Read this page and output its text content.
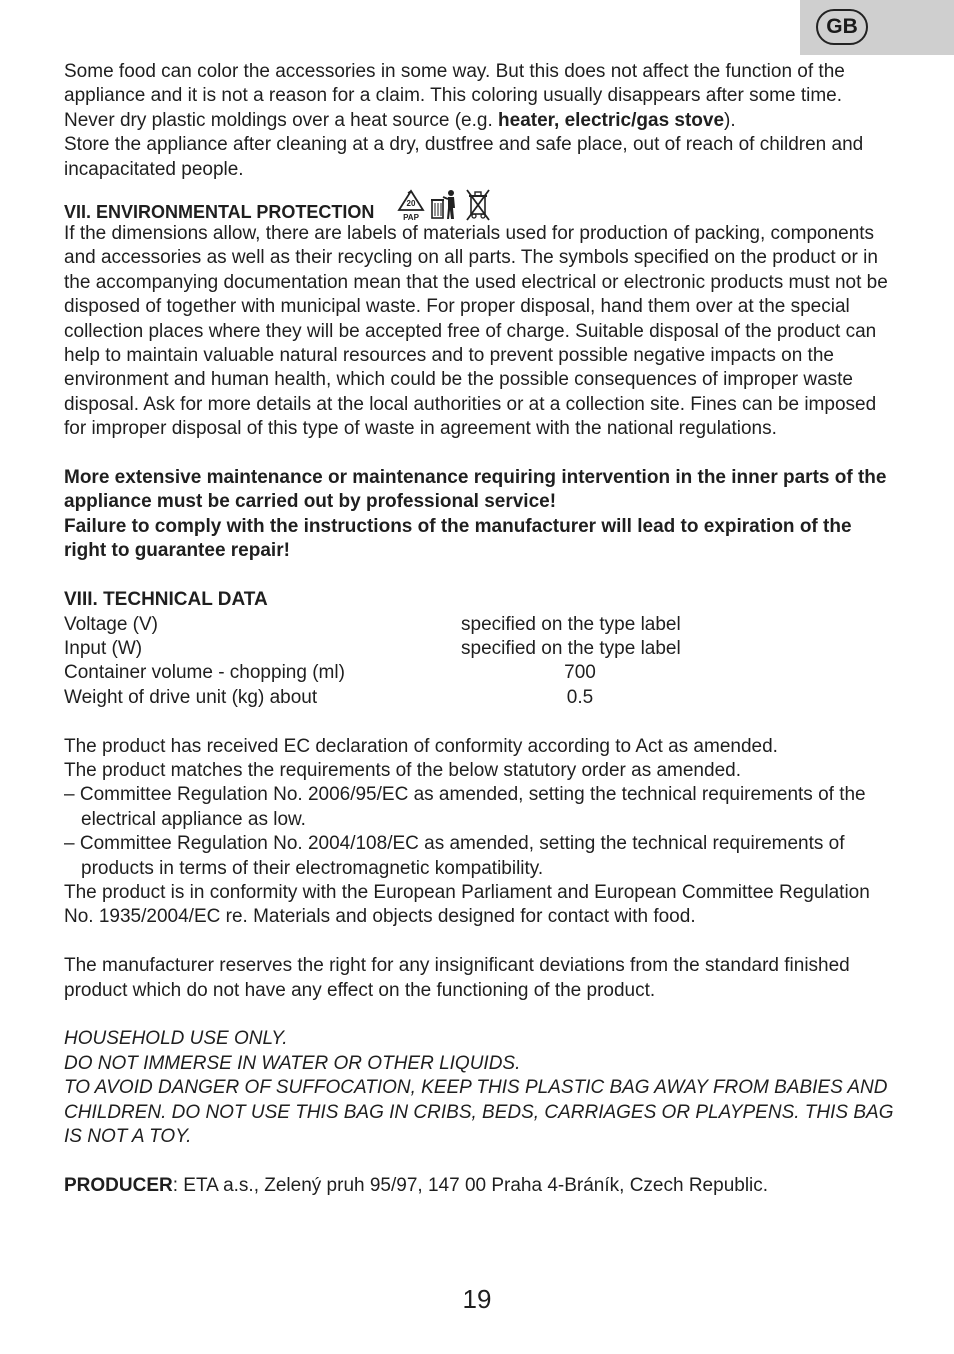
GB

Some food can color the accessories in some way. But this does not affect the function of the appliance and it is not a reason for a claim. This coloring usually disappears after some time. Never dry plastic moldings over a heat source (e.g. heater, electric/gas stove).

Store the appliance after cleaning at a dry, dustfree and safe place, out of reach of children and incapacitated people.

VII. ENVIRONMENTAL PROTECTION	20
PAP

If the dimensions allow, there are labels of materials used for production of packing, components and accessories as well as their recycling on all parts. The symbols specified on the product or in the accompanying documentation mean that the used electrical or electronic products must not be disposed of together with municipal waste. For proper disposal, hand them over at the special collection places where they will be accepted free of charge. Suitable disposal of the product can help to maintain valuable natural resources and to prevent possible negative impacts on the environment and human health, which could be the possible consequences of improper waste disposal. Ask for more details at the local authorities or at a collection site. Fines can be imposed for improper disposal of this type of waste in agreement with the national regulations.

More extensive maintenance or maintenance requiring intervention in the inner parts of the appliance must be carried out by professional service!

Failure to comply with the instructions of the manufacturer will lead to expiration of the right to guarantee repair!

VIII. TECHNICAL DATA

Voltage (V)	specified on the type label
Input (W)	specified on the type label
Container volume - chopping (ml)	700
Weight of drive unit (kg) about	0.5

The product has received EC declaration of conformity according to Act as amended.

The product matches the requirements of the below statutory order as amended.

– Committee Regulation No. 2006/95/EC as amended, setting the technical requirements of the electrical appliance as low.

– Committee Regulation No. 2004/108/EC as amended, setting the technical requirements of products in terms of their electromagnetic kompatibility.

The product is in conformity with the European Parliament and European Committee Regulation No. 1935/2004/EC re. Materials and objects designed for contact with food.

The manufacturer reserves the right for any insignificant deviations from the standard finished product which do not have any effect on the functioning of the product.

HOUSEHOLD USE ONLY.

DO NOT IMMERSE IN WATER OR OTHER LIQUIDS.

TO AVOID DANGER OF SUFFOCATION, KEEP THIS PLASTIC BAG AWAY FROM BABIES AND CHILDREN. DO NOT USE THIS BAG IN CRIBS, BEDS, CARRIAGES OR PLAYPENS. THIS BAG IS NOT A TOY.

PRODUCER: ETA a.s., Zelený pruh 95/97, 147 00 Praha 4-Bráník, Czech Republic.

19
